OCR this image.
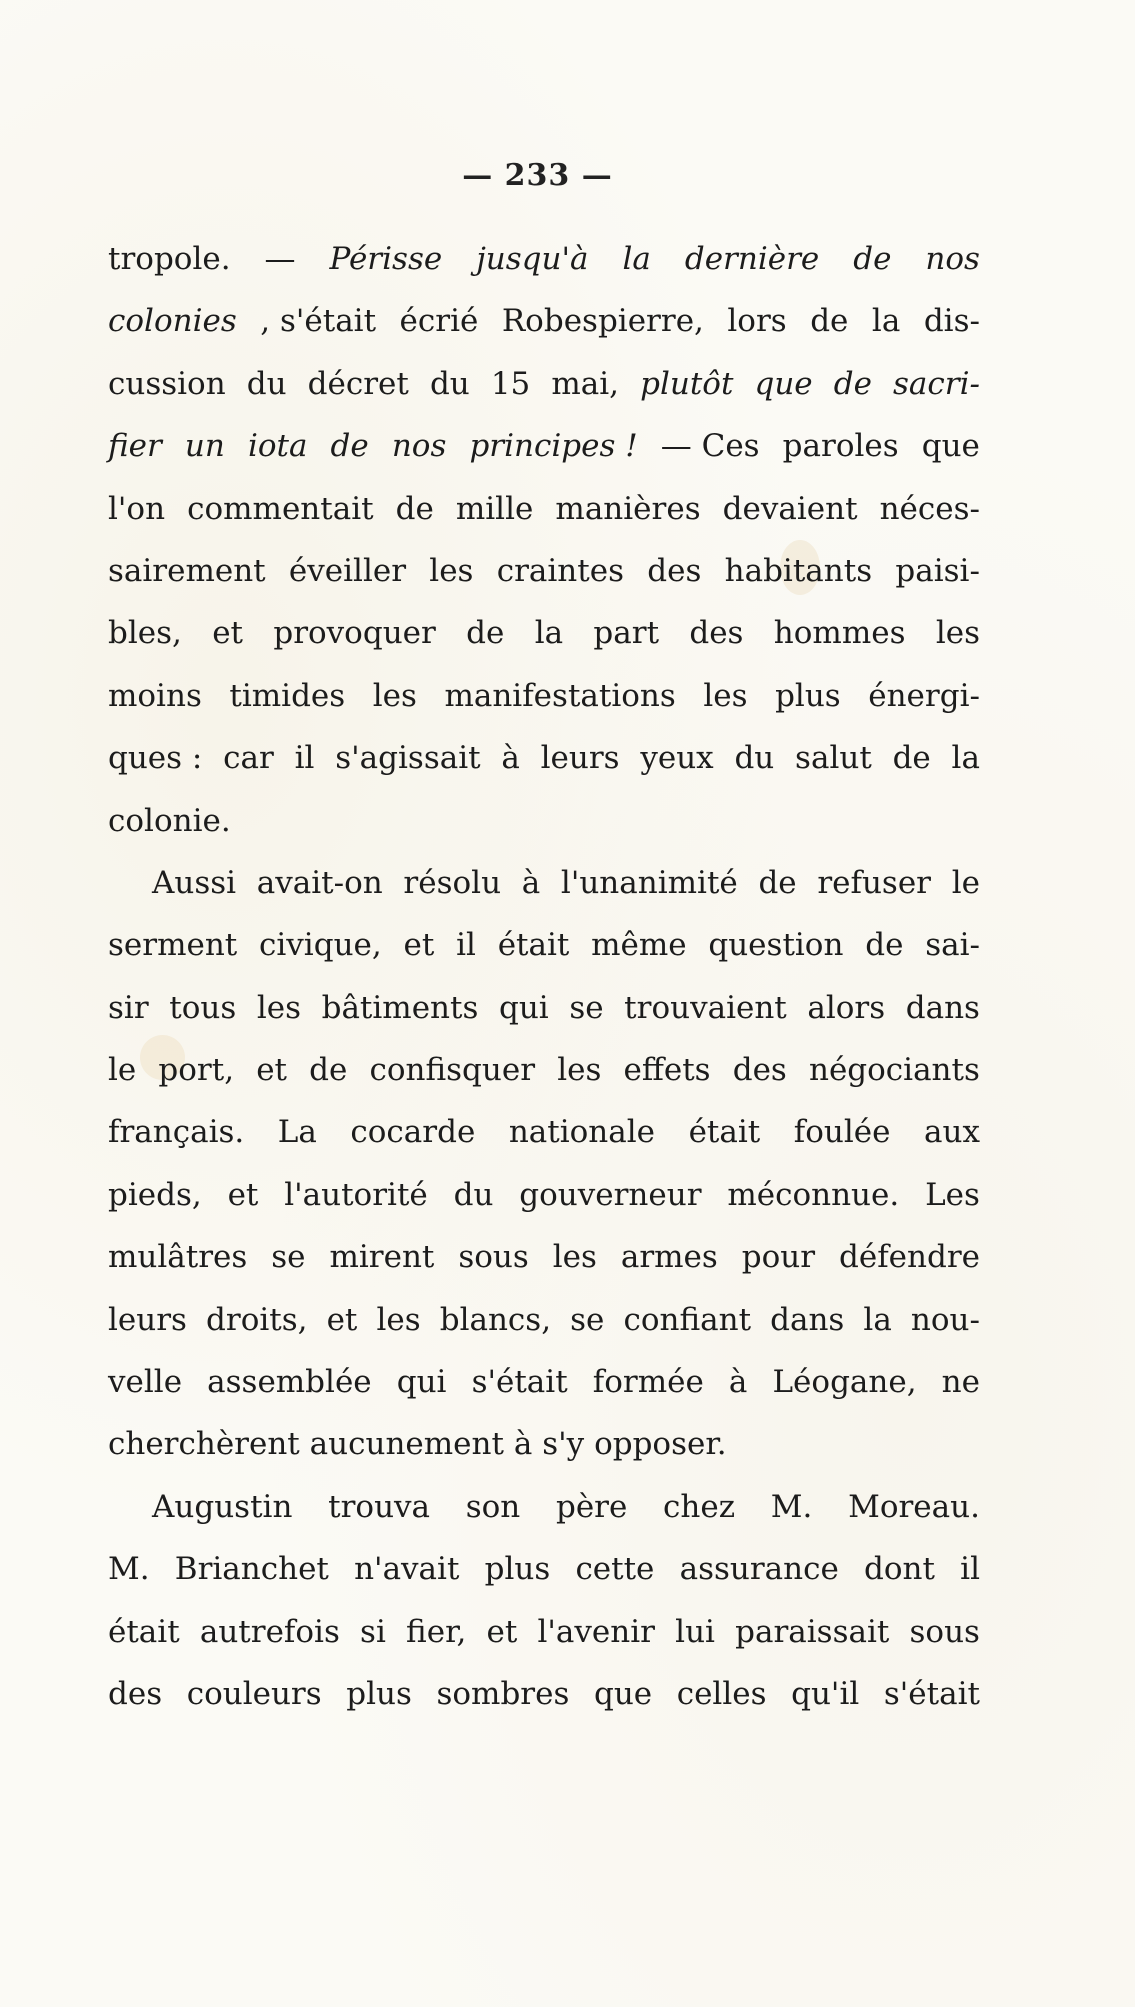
— 233 —
tropole. — Périsse jusqu'à la dernière de nos
colonies , s'était écrié Robespierre, lors de la dis-
cussion du décret du 15 mai, plutôt que de sacri-
fier un iota de nos principes ! — Ces paroles que
l'on commentait de mille manières devaient néces-
sairement éveiller les craintes des habitants paisi-
bles, et provoquer de la part des hommes les
moins timides les manifestations les plus énergi-
ques : car il s'agissait à leurs yeux du salut de la
colonie.
Aussi avait-on résolu à l'unanimité de refuser le
serment civique, et il était même question de sai-
sir tous les bâtiments qui se trouvaient alors dans
le port, et de confisquer les effets des négociants
français. La cocarde nationale était foulée aux
pieds, et l'autorité du gouverneur méconnue. Les
mulâtres se mirent sous les armes pour défendre
leurs droits, et les blancs, se confiant dans la nou-
velle assemblée qui s'était formée à Léogane, ne
cherchèrent aucunement à s'y opposer.
Augustin trouva son père chez M. Moreau.
M. Brianchet n'avait plus cette assurance dont il
était autrefois si fier, et l'avenir lui paraissait sous
des couleurs plus sombres que celles qu'il s'était
